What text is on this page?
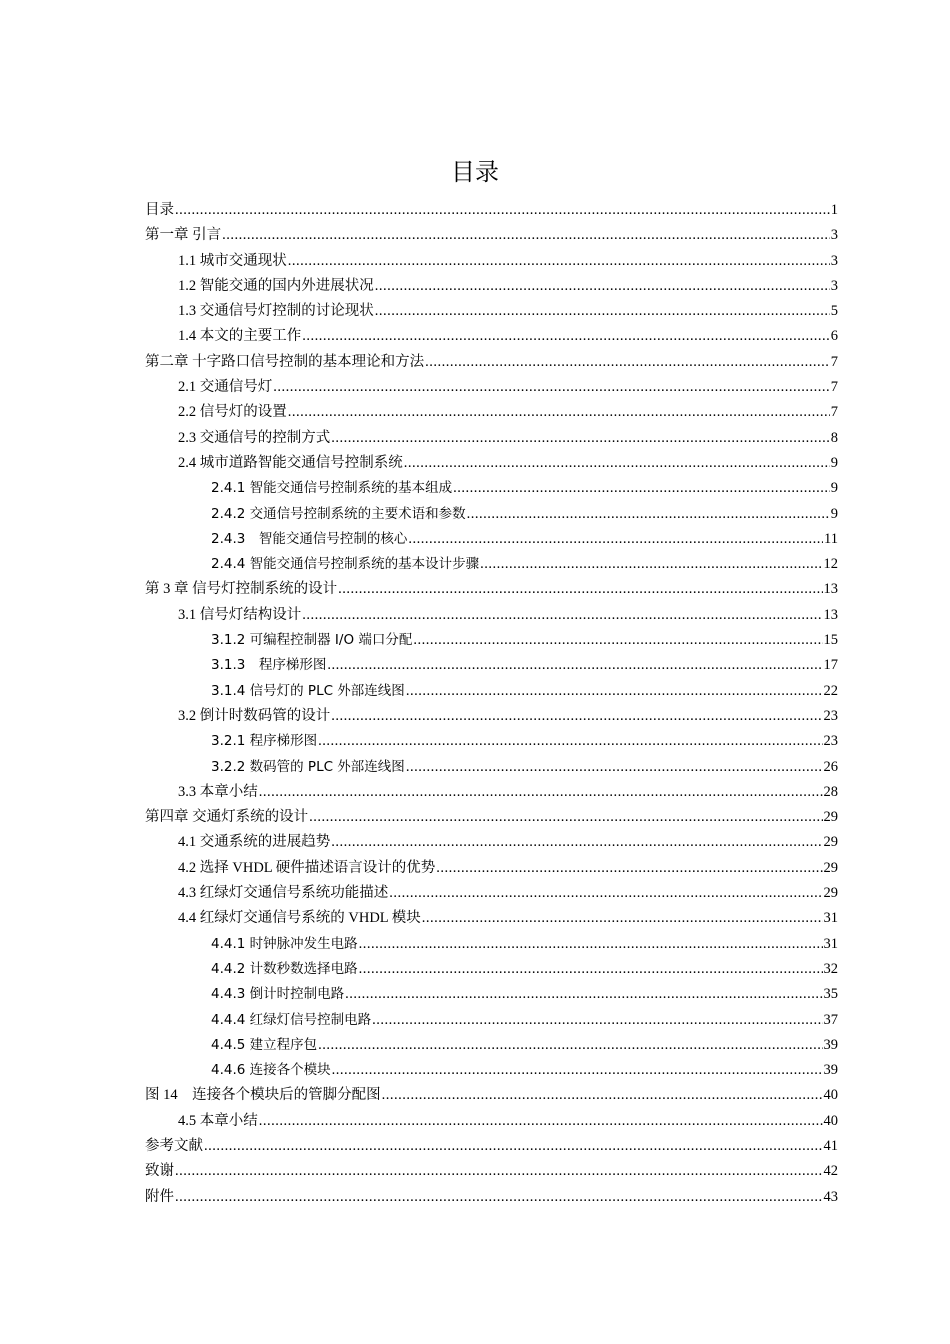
目录
目录 .....	1
第一章 引言 .....	3
1.1 城市交通现状 .....	3
1.2 智能交通的国内外进展状况 .....	3
1.3 交通信号灯控制的讨论现状 .....	5
1.4 本文的主要工作 .....	6
第二章 十字路口信号控制的基本理论和方法 .....	7
2.1 交通信号灯 .....	7
2.2 信号灯的设置 .....	7
2.3 交通信号的控制方式 .....	8
2.4 城市道路智能交通信号控制系统 .....	9
2.4.1 智能交通信号控制系统的基本组成 .....	9
2.4.2 交通信号控制系统的主要术语和参数 .....	9
2.4.3　智能交通信号控制的核心 .....	11
2.4.4 智能交通信号控制系统的基本设计步骤 .....	12
第 3 章 信号灯控制系统的设计 .....	13
3.1 信号灯结构设计 .....	13
3.1.2 可编程控制器 I/O 端口分配 .....	15
3.1.3　程序梯形图 .....	17
3.1.4 信号灯的 PLC 外部连线图 .....	22
3.2 倒计时数码管的设计 .....	23
3.2.1 程序梯形图 .....	23
3.2.2 数码管的 PLC 外部连线图 .....	26
3.3 本章小结 .....	28
第四章 交通灯系统的设计 .....	29
4.1 交通系统的进展趋势 .....	29
4.2 选择 VHDL 硬件描述语言设计的优势 .....	29
4.3 红绿灯交通信号系统功能描述 .....	29
4.4 红绿灯交通信号系统的 VHDL 模块 .....	31
4.4.1 时钟脉冲发生电路 .....	31
4.4.2 计数秒数选择电路 .....	32
4.4.3 倒计时控制电路 .....	35
4.4.4 红绿灯信号控制电路 .....	37
4.4.5 建立程序包 .....	39
4.4.6 连接各个模块 .....	39
图 14　连接各个模块后的管脚分配图 .....	40
4.5 本章小结 .....	40
参考文献 .....	41
致谢 .....	42
附件 .....	43
